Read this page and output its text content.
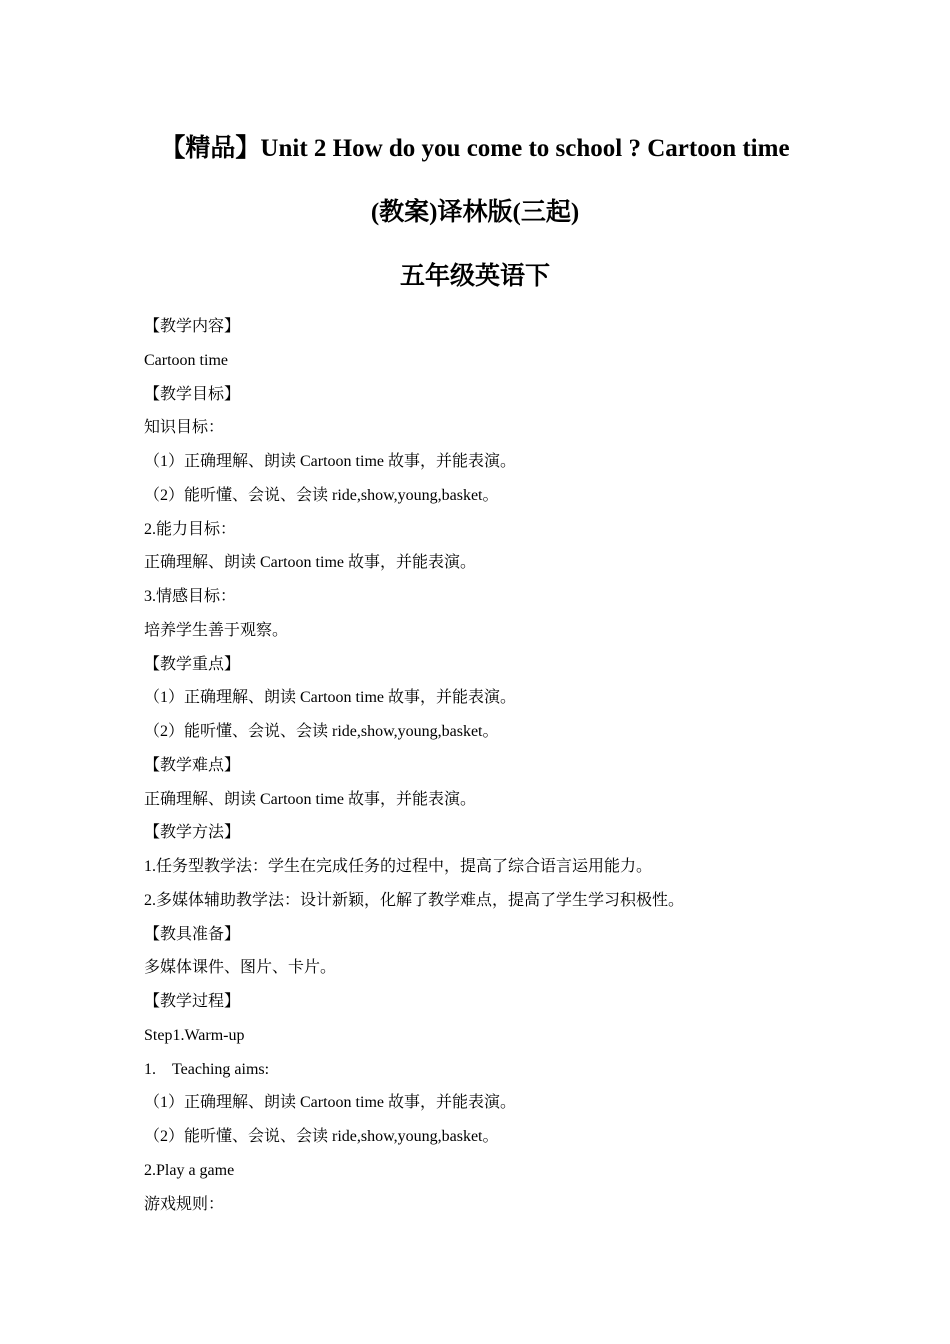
【精品】Unit 2 How do you come to school ? Cartoon time
(教案)译林版(三起)
五年级英语下
【教学内容】
Cartoon time
【教学目标】
知识目标：
（1）正确理解、朗读 Cartoon time 故事，并能表演。
（2）能听懂、会说、会读 ride,show,young,basket。
2.能力目标：
正确理解、朗读 Cartoon time 故事，并能表演。
3.情感目标：
培养学生善于观察。
【教学重点】
（1）正确理解、朗读 Cartoon time 故事，并能表演。
（2）能听懂、会说、会读 ride,show,young,basket。
【教学难点】
正确理解、朗读 Cartoon time 故事，并能表演。
【教学方法】
1.任务型教学法：学生在完成任务的过程中，提高了综合语言运用能力。
2.多媒体辅助教学法：设计新颖，化解了教学难点，提高了学生学习积极性。
【教具准备】
多媒体课件、图片、卡片。
【教学过程】
Step1.Warm-up
1. Teaching aims:
（1）正确理解、朗读 Cartoon time 故事，并能表演。
（2）能听懂、会说、会读 ride,show,young,basket。
2.Play a game
游戏规则：
